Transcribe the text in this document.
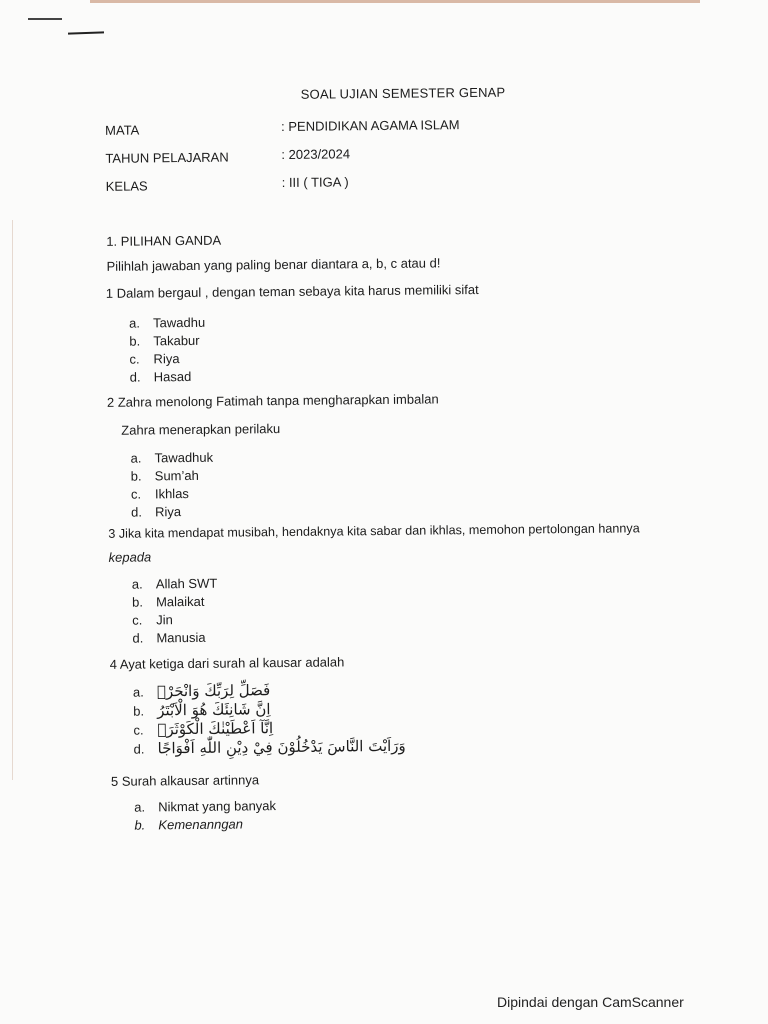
SOAL UJIAN SEMESTER GENAP
MATA	: PENDIDIKAN AGAMA ISLAM
TAHUN PELAJARAN	: 2023/2024
KELAS	: III ( TIGA )
1. PILIHAN GANDA
Pilihlah jawaban yang paling benar diantara a, b, c atau d!
1 Dalam bergaul , dengan teman sebaya kita harus memiliki sifat
a. Tawadhu
b. Takabur
c. Riya
d. Hasad
2 Zahra menolong Fatimah tanpa mengharapkan imbalan
Zahra menerapkan perilaku
a. Tawadhuk
b. Sum’ah
c. Ikhlas
d. Riya
3 Jika kita mendapat musibah, hendaknya kita sabar dan ikhlas, memohon pertolongan hannya
kepada
a. Allah SWT
b. Malaikat
c. Jin
d. Manusia
4 Ayat ketiga dari surah al kausar adalah
a. فَصَلِّ لِرَبِّكَ وَانْحَرْۗ
b. اِنَّ شَانِئَكَ هُوَ الْاَبْتَرُ
c. اِنَّآ اَعْطَيْنٰكَ الْكَوْثَرَۗ
d. وَرَاَيْتَ النَّاسَ يَدْخُلُوْنَ فِيْ دِيْنِ اللّٰهِ اَفْوَاجًا
5 Surah alkausar artinnya
a. Nikmat yang banyak
b. Kemenanngan
Dipindai dengan CamScanner
